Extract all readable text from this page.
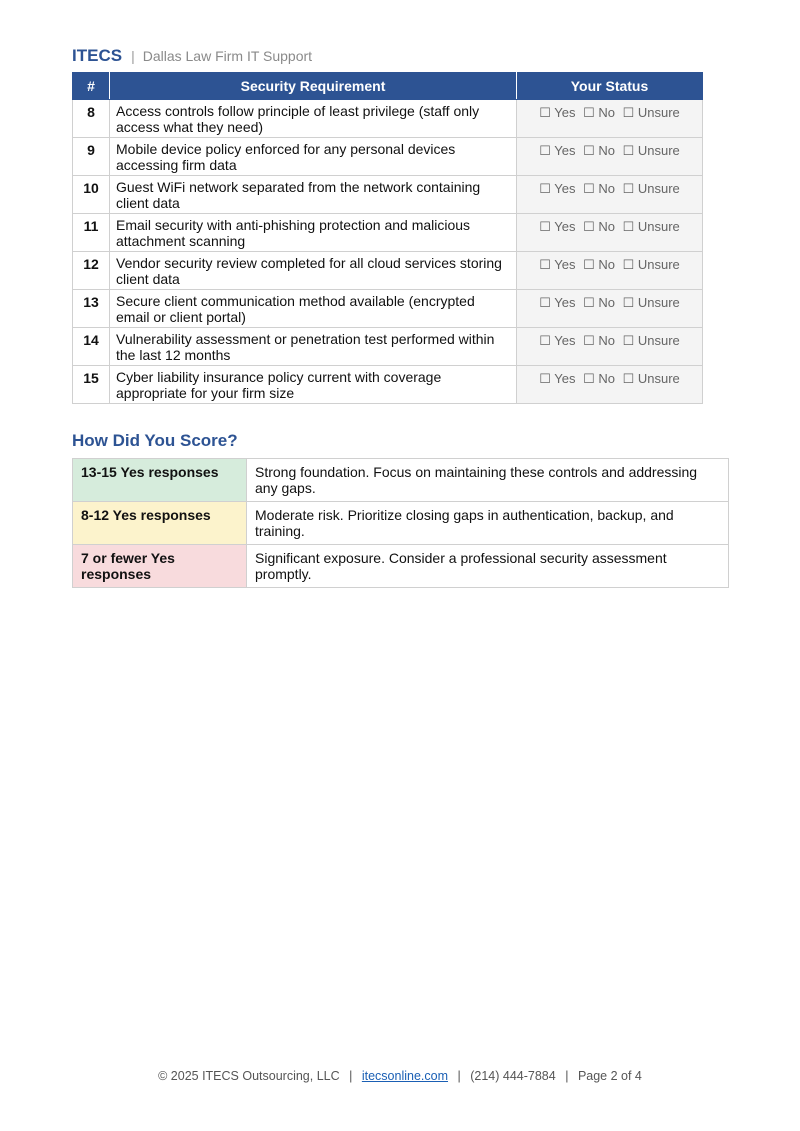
ITECS | Dallas Law Firm IT Support
#	Security Requirement	Your Status
8	Access controls follow principle of least privilege (staff only access what they need)	☐ Yes ☐ No ☐ Unsure
9	Mobile device policy enforced for any personal devices accessing firm data	☐ Yes ☐ No ☐ Unsure
10	Guest WiFi network separated from the network containing client data	☐ Yes ☐ No ☐ Unsure
11	Email security with anti-phishing protection and malicious attachment scanning	☐ Yes ☐ No ☐ Unsure
12	Vendor security review completed for all cloud services storing client data	☐ Yes ☐ No ☐ Unsure
13	Secure client communication method available (encrypted email or client portal)	☐ Yes ☐ No ☐ Unsure
14	Vulnerability assessment or penetration test performed within the last 12 months	☐ Yes ☐ No ☐ Unsure
15	Cyber liability insurance policy current with coverage appropriate for your firm size	☐ Yes ☐ No ☐ Unsure
How Did You Score?
13-15 Yes responses	Strong foundation. Focus on maintaining these controls and addressing any gaps.
8-12 Yes responses	Moderate risk. Prioritize closing gaps in authentication, backup, and training.
7 or fewer Yes responses	Significant exposure. Consider a professional security assessment promptly.
© 2025 ITECS Outsourcing, LLC | itecsonline.com | (214) 444-7884 | Page 2 of 4
